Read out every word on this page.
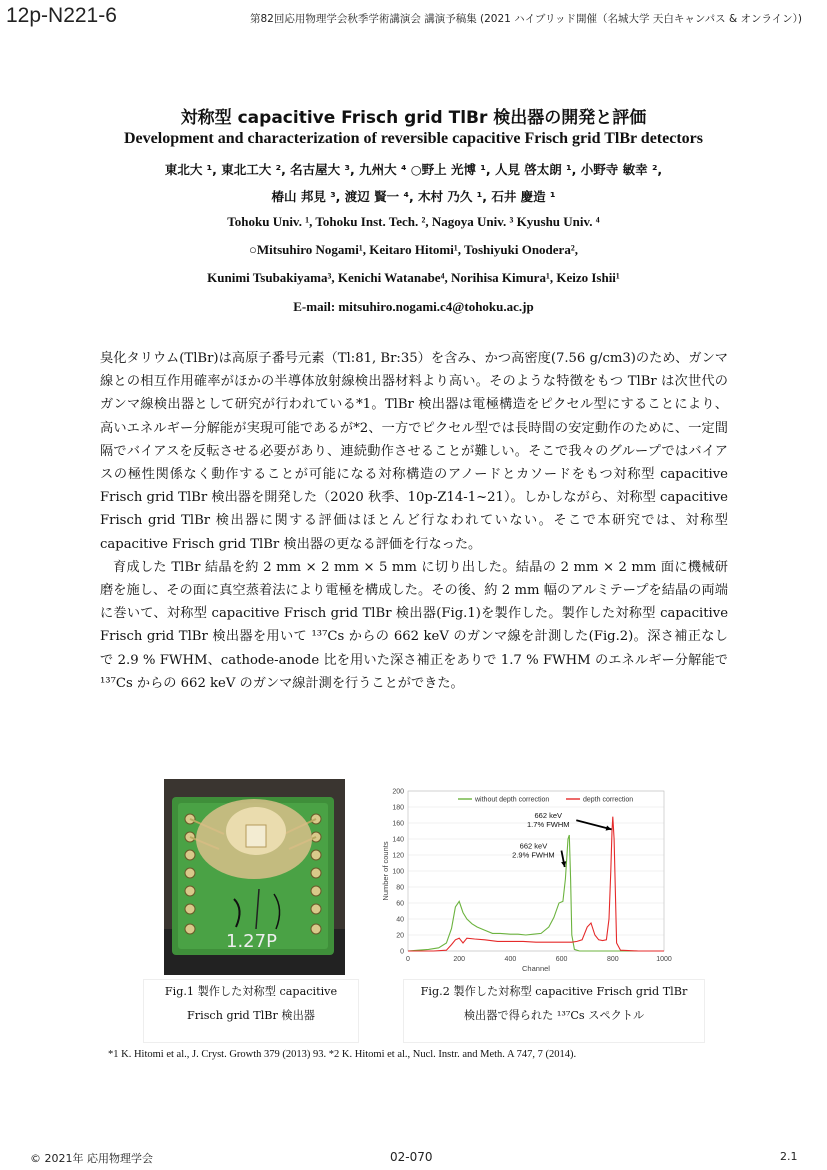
12p-N221-6	第82回応用物理学会秋季学術講演会 講演予稿集 (2021 ハイブリッド開催（名城大学 天白キャンパス & オンライン）)
対称型 capacitive Frisch grid TlBr 検出器の開発と評価
Development and characterization of reversible capacitive Frisch grid TlBr detectors
東北大 ¹, 東北工大 ², 名古屋大 ³, 九州大 ⁴ ○野上 光博 ¹, 人見 啓太朗 ¹, 小野寺 敏幸 ²,
椿山 邦見 ³, 渡辺 賢一 ⁴, 木村 乃久 ¹, 石井 慶造 ¹
Tohoku Univ. ¹, Tohoku Inst. Tech. ², Nagoya Univ. ³ Kyushu Univ. ⁴
○Mitsuhiro Nogami¹, Keitaro Hitomi¹, Toshiyuki Onodera²,
Kunimi Tsubakiyama³, Kenichi Watanabe⁴, Norihisa Kimura¹, Keizo Ishii¹
E-mail: mitsuhiro.nogami.c4@tohoku.ac.jp

臭化タリウム(TlBr)は高原子番号元素（Tl:81, Br:35）を含み、かつ高密度(7.56 g/cm3)のため、ガンマ線との相互作用確率がほかの半導体放射線検出器材料より高い。そのような特徴をもつ TlBr は次世代のガンマ線検出器として研究が行われている*1。TlBr 検出器は電極構造をピクセル型にすることにより、高いエネルギー分解能が実現可能であるが*2、一方でピクセル型では長時間の安定動作のために、一定間隔でバイアスを反転させる必要があり、連続動作させることが難しい。そこで我々のグループではバイアスの極性関係なく動作することが可能になる対称構造のアノードとカソードをもつ対称型 capacitive Frisch grid TlBr 検出器を開発した（2020 秋季、10p-Z14-1~21）。しかしながら、対称型 capacitive Frisch grid TlBr 検出器に関する評価はほとんど行なわれていない。そこで本研究では、対称型 capacitive Frisch grid TlBr 検出器の更なる評価を行なった。

育成した TlBr 結晶を約 2 mm × 2 mm × 5 mm に切り出した。結晶の 2 mm × 2 mm 面に機械研磨を施し、その面に真空蒸着法により電極を構成した。その後、約 2 mm 幅のアルミテープを結晶の両端に巻いて、対称型 capacitive Frisch grid TlBr 検出器(Fig.1)を製作した。製作した対称型 capacitive Frisch grid TlBr 検出器を用いて ¹³⁷Cs からの 662 keV のガンマ線を計測した(Fig.2)。深さ補正なしで 2.9 % FWHM、cathode-anode 比を用いた深さ補正をありで 1.7 % FWHM のエネルギー分解能で ¹³⁷Cs からの 662 keV のガンマ線計測を行うことができた。

1.27P	0
20
40
60
80
100
120
140
160
180
200
0	200	400	600	800	1000
Channel
Number of counts
without depth correction	depth correction
662 keV
1.7% FWHM
662 keV
2.9% FWHM
Fig.1 製作した対称型 capacitive
Frisch grid TlBr 検出器
Fig.2 製作した対称型 capacitive Frisch grid TlBr
検出器で得られた ¹³⁷Cs スペクトル
*1 K. Hitomi et al., J. Cryst. Growth 379 (2013) 93. *2 K. Hitomi et al., Nucl. Instr. and Meth. A 747, 7 (2014).
© 2021年 応用物理学会	02-070	2.1
